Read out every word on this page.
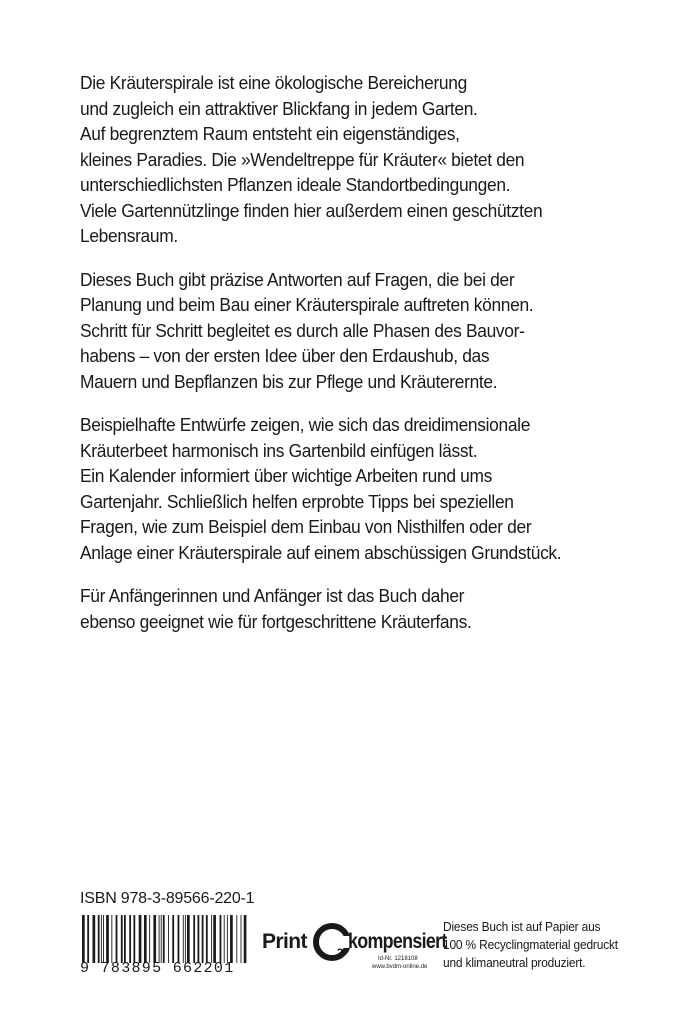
Die Kräuterspirale ist eine ökologische Bereicherung
und zugleich ein attraktiver Blickfang in jedem Garten.
Auf begrenztem Raum entsteht ein eigenständiges,
kleines Paradies. Die »Wendeltreppe für Kräuter« bietet den
unterschiedlichsten Pflanzen ideale Standortbedingungen.
Viele Gartennützlinge finden hier außerdem einen geschützten
Lebensraum.

Dieses Buch gibt präzise Antworten auf Fragen, die bei der
Planung und beim Bau einer Kräuterspirale auftreten können.
Schritt für Schritt begleitet es durch alle Phasen des Bauvor-
habens – von der ersten Idee über den Erdaushub, das
Mauern und Bepflanzen bis zur Pflege und Kräuterernte.

Beispielhafte Entwürfe zeigen, wie sich das dreidimensionale
Kräuterbeet harmonisch ins Gartenbild einfügen lässt.
Ein Kalender informiert über wichtige Arbeiten rund ums
Gartenjahr. Schließlich helfen erprobte Tipps bei speziellen
Fragen, wie zum Beispiel dem Einbau von Nisthilfen oder der
Anlage einer Kräuterspirale auf einem abschüssigen Grundstück.

Für Anfängerinnen und Anfänger ist das Buch daher
ebenso geeignet wie für fortgeschrittene Kräuterfans.

ISBN 978-3-89566-220-1
9 783895 662201
Print	2 kompensiert
Id-Nr. 1218108
www.bvdm-online.de
Dieses Buch ist auf Papier aus
100 % Recyclingmaterial gedruckt
und klimaneutral produziert.
